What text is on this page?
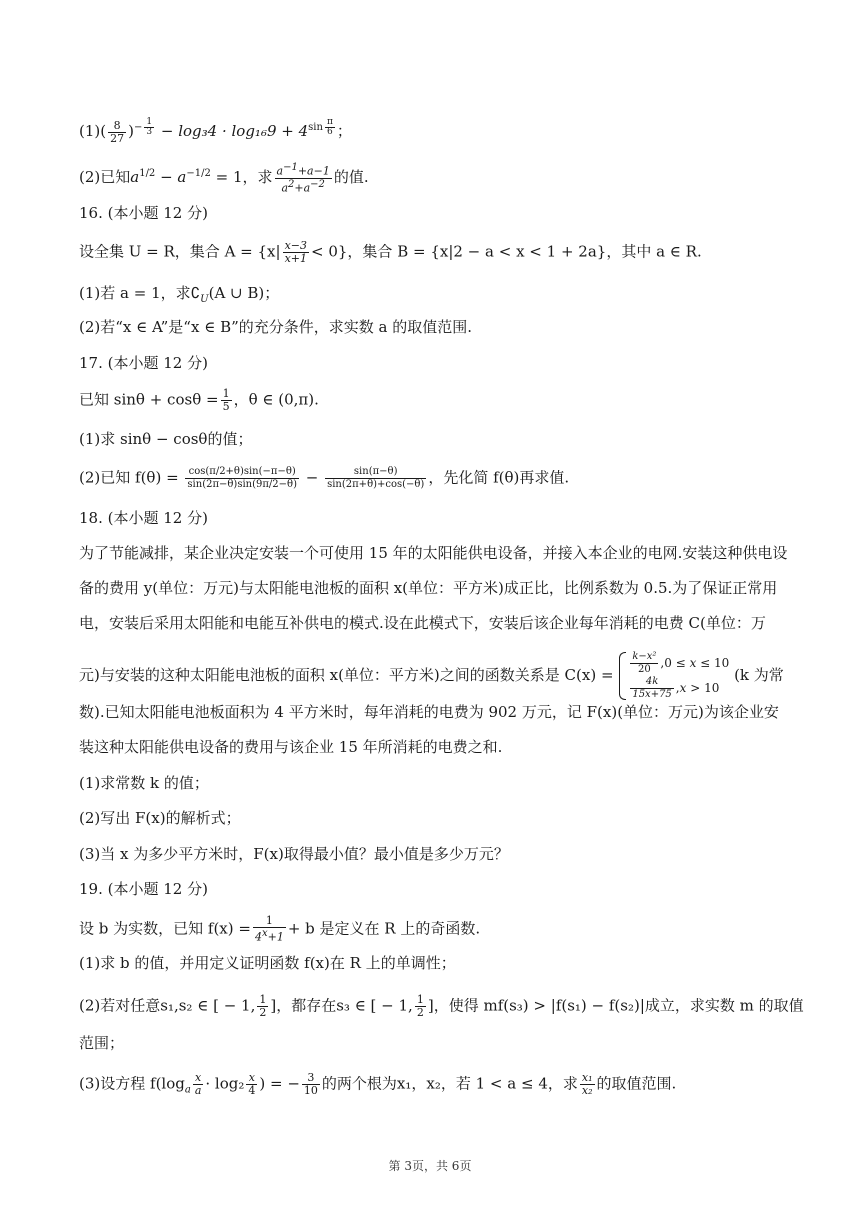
$(1)( \frac{8}{27} )^{- \frac{1}{3}} - \log_34 \cdot \log_{16}9 + 4^{sin \frac{\pi}{6}}$ ；
(2)已知$a^{1/2} - a^{-1/2} = 1$，求 $\frac{a^{-1}+a-1}{a^2+a^{-2}}$ 的值.
16. (本小题 12 分)
设全集 U = R，集合 $A = \{x| \frac{x-3}{x+1} < 0\}$，集合 B = {x|2 − a < x < 1 + 2a}，其中 a ∈ R.
(1)若 a = 1，求$∁_U(A$ ∪ B)；
(2)若“x ∈ A”是“x ∈ B”的充分条件，求实数 a 的取值范围.
17. (本小题 12 分)
已知 $\sin\theta + \cos\theta = \frac{1}{5}$ ，θ ∈ (0,π).
(1)求 sinθ − cosθ的值；
(2)已知 $f(\theta) = \frac{\cos(\pi/2+\theta)\sin(-\pi-\theta)}{\sin(2\pi-\theta)\sin(9\pi/2-\theta)} - \frac{\sin(\pi-\theta)}{\sin(2\pi+\theta)+\cos(-\theta)}$ ，先化简 f(θ)再求值.
18. (本小题 12 分)
为了节能减排，某企业决定安装一个可使用 15 年的太阳能供电设备，并接入本企业的电网.安装这种供电设
备的费用 y(单位：万元)与太阳能电池板的面积 x(单位：平方米)成正比，比例系数为 0.5.为了保证正常用
电，安装后采用太阳能和电能互补供电的模式.设在此模式下，安装后该企业每年消耗的电费 C(单位：万
元)与安装的这种太阳能电池板的面积 x(单位：平方米)之间的函数关系是 $C(x) = \frac{\text{k−x²}}{20} ,0 \le x \le 10$
$\frac{4k}{15x+75} ,x > 10$
(k 为常
数).已知太阳能电池板面积为 4 平方米时，每年消耗的电费为 902 万元，记 F(x)(单位：万元)为该企业安
装这种太阳能供电设备的费用与该企业 15 年所消耗的电费之和.
(1)求常数 k 的值；
(2)写出 F(x)的解析式；
(3)当 x 为多少平方米时，F(x)取得最小值？最小值是多少万元？
19. (本小题 12 分)
设 b 为实数，已知 $f(x) = \frac{1}{4^x+1} + b$ 是定义在 R 上的奇函数.
(1)求 b 的值，并用定义证明函数 f(x)在 R 上的单调性；
(2)若对任意s₁,s₂ ∈ [ − 1, $\frac{1}{2}$ ]，都存在s₃ ∈ [ − 1, $\frac{1}{2}$ ]，使得 mf(s₃) > |f(s₁) − f(s₂)|成立，求实数 m 的取值
范围；
(3)设方程 $f(\log_a \frac{x}{a} \cdot \log_2 \frac{x}{4}$ ) = − $\frac{3}{10}$ 的两个根为x₁，x₂，若 1 < a ≤ 4，求 $\frac{\text{x₁}}{\text{x₂}}$ 的取值范围.
第 3页，共 6页
